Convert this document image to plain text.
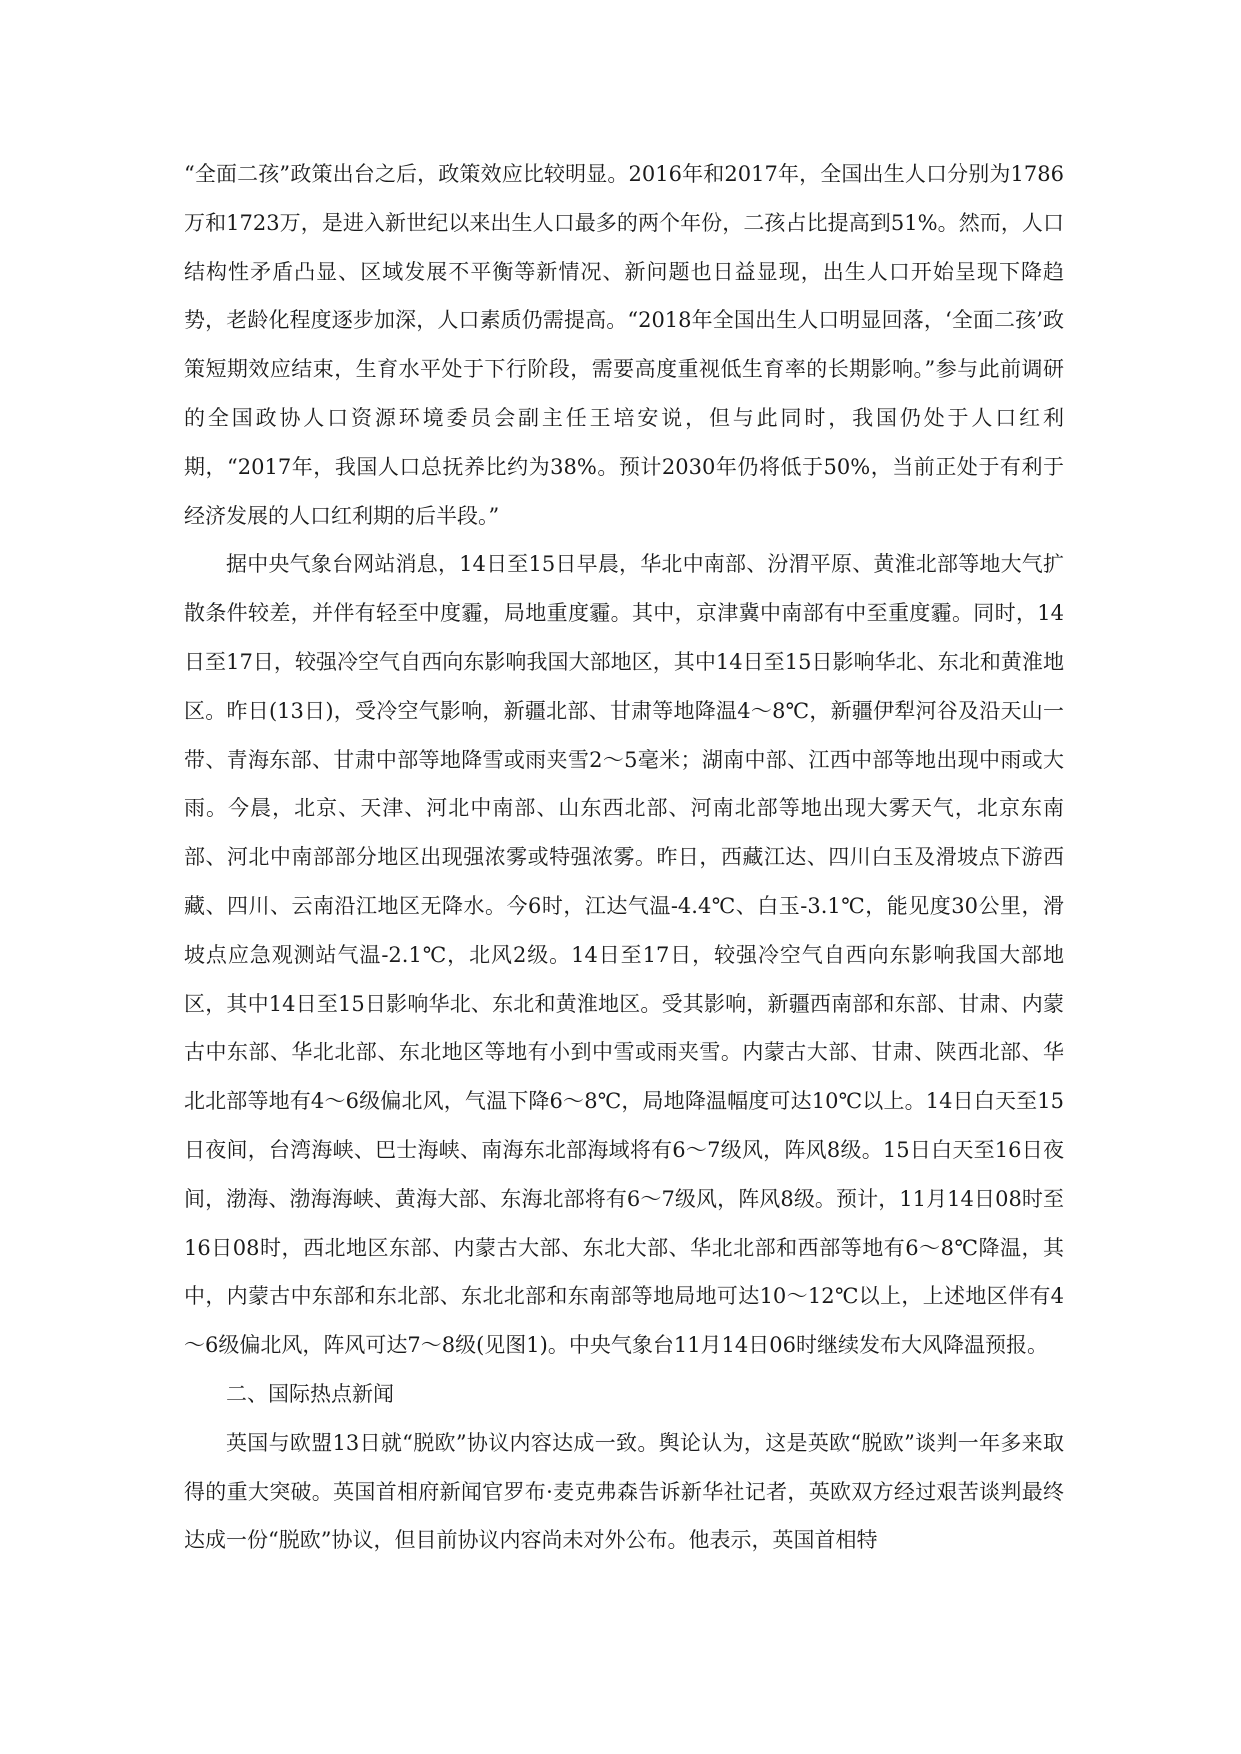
“全面二孩”政策出台之后，政策效应比较明显。2016年和2017年，全国出生人口分别为1786万和1723万，是进入新世纪以来出生人口最多的两个年份，二孩占比提高到51%。然而，人口结构性矛盾凸显、区域发展不平衡等新情况、新问题也日益显现，出生人口开始呈现下降趋势，老龄化程度逐步加深，人口素质仍需提高。“2018年全国出生人口明显回落，‘全面二孩’政策短期效应结束，生育水平处于下行阶段，需要高度重视低生育率的长期影响。”参与此前调研的全国政协人口资源环境委员会副主任王培安说，但与此同时，我国仍处于人口红利期，“2017年，我国人口总抚养比约为38%。预计2030年仍将低于50%，当前正处于有利于经济发展的人口红利期的后半段。”

据中央气象台网站消息，14日至15日早晨，华北中南部、汾渭平原、黄淮北部等地大气扩散条件较差，并伴有轻至中度霾，局地重度霾。其中，京津冀中南部有中至重度霾。同时，14日至17日，较强冷空气自西向东影响我国大部地区，其中14日至15日影响华北、东北和黄淮地区。昨日(13日)，受冷空气影响，新疆北部、甘肃等地降温4～8℃，新疆伊犁河谷及沿天山一带、青海东部、甘肃中部等地降雪或雨夹雪2～5毫米；湖南中部、江西中部等地出现中雨或大雨。今晨，北京、天津、河北中南部、山东西北部、河南北部等地出现大雾天气，北京东南部、河北中南部部分地区出现强浓雾或特强浓雾。昨日，西藏江达、四川白玉及滑坡点下游西藏、四川、云南沿江地区无降水。今6时，江达气温-4.4℃、白玉-3.1℃，能见度30公里，滑坡点应急观测站气温-2.1℃，北风2级。14日至17日，较强冷空气自西向东影响我国大部地区，其中14日至15日影响华北、东北和黄淮地区。受其影响，新疆西南部和东部、甘肃、内蒙古中东部、华北北部、东北地区等地有小到中雪或雨夹雪。内蒙古大部、甘肃、陕西北部、华北北部等地有4～6级偏北风，气温下降6～8℃，局地降温幅度可达10℃以上。14日白天至15日夜间，台湾海峡、巴士海峡、南海东北部海域将有6～7级风，阵风8级。15日白天至16日夜间，渤海、渤海海峡、黄海大部、东海北部将有6～7级风，阵风8级。预计，11月14日08时至16日08时，西北地区东部、内蒙古大部、东北大部、华北北部和西部等地有6～8℃降温，其中，内蒙古中东部和东北部、东北北部和东南部等地局地可达10～12℃以上，上述地区伴有4～6级偏北风，阵风可达7～8级(见图1)。中央气象台11月14日06时继续发布大风降温预报。

二、国际热点新闻

英国与欧盟13日就“脱欧”协议内容达成一致。舆论认为，这是英欧“脱欧”谈判一年多来取得的重大突破。英国首相府新闻官罗布·麦克弗森告诉新华社记者，英欧双方经过艰苦谈判最终达成一份“脱欧”协议，但目前协议内容尚未对外公布。他表示，英国首相特
